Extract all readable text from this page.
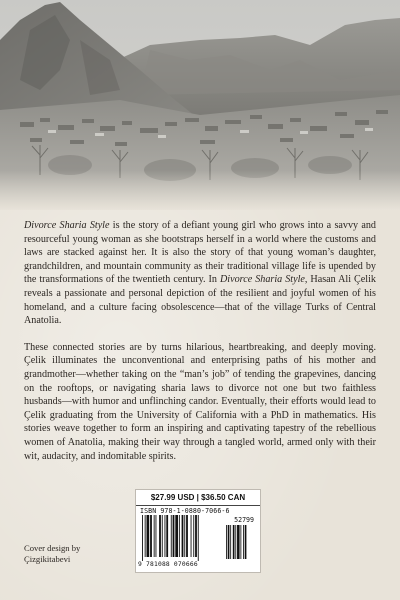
Divorce Sharia Style is the story of a defiant young girl who grows into a savvy and resourceful young woman as she bootstraps herself in a world where the customs and laws are stacked against her. It is also the story of that young woman’s daughter, grandchildren, and mountain community as their traditional village life is upended by the transformations of the twentieth century. In Divorce Sharia Style, Hasan Ali Çelik reveals a passionate and personal depiction of the resilient and joyful women of his homeland, and a culture facing obsolescence—that of the village Turks of Central Anatolia.

These connected stories are by turns hilarious, heartbreaking, and deeply moving. Çelik illuminates the unconventional and enterprising paths of his mother and grandmother—whether taking on the “man’s job” of tending the grapevines, dancing on the rooftops, or navigating sharia laws to divorce not one but two faithless husbands—with humor and unflinching candor. Eventually, their efforts would lead to Çelik graduating from the University of California with a PhD in mathematics. His stories weave together to form an inspiring and captivating tapestry of the rebellious women of Anatolia, making their way through a tangled world, armed only with their wit, audacity, and indomitable spirits.

$27.99 USD | $36.50 CAN
ISBN 978-1-0880-7066-6
52799
9 781088 070666
Cover design by
Çizgikitabevi
